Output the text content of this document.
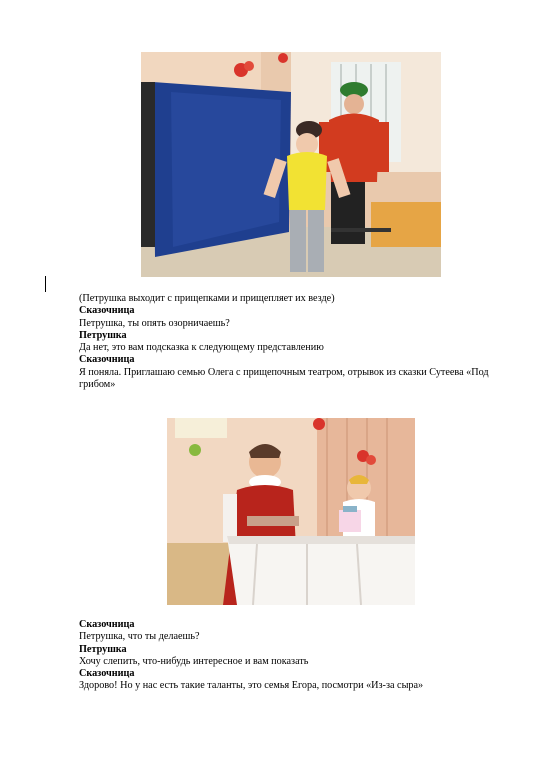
(Петрушка выходит с прищепками и прищепляет их везде)
Сказочница
Петрушка, ты опять озорничаешь?
Петрушка
Да нет, это вам подсказка к следующему представлению
Сказочница
Я поняла. Приглашаю семью Олега с прищепочным театром, отрывок из сказки Сутеева «Под грибом»
Сказочница
Петрушка, что ты делаешь?
Петрушка
Хочу слепить, что-нибудь интересное и вам показать
Сказочница
Здорово! Но у нас есть такие таланты, это семья Егора, посмотри «Из-за сыра»
